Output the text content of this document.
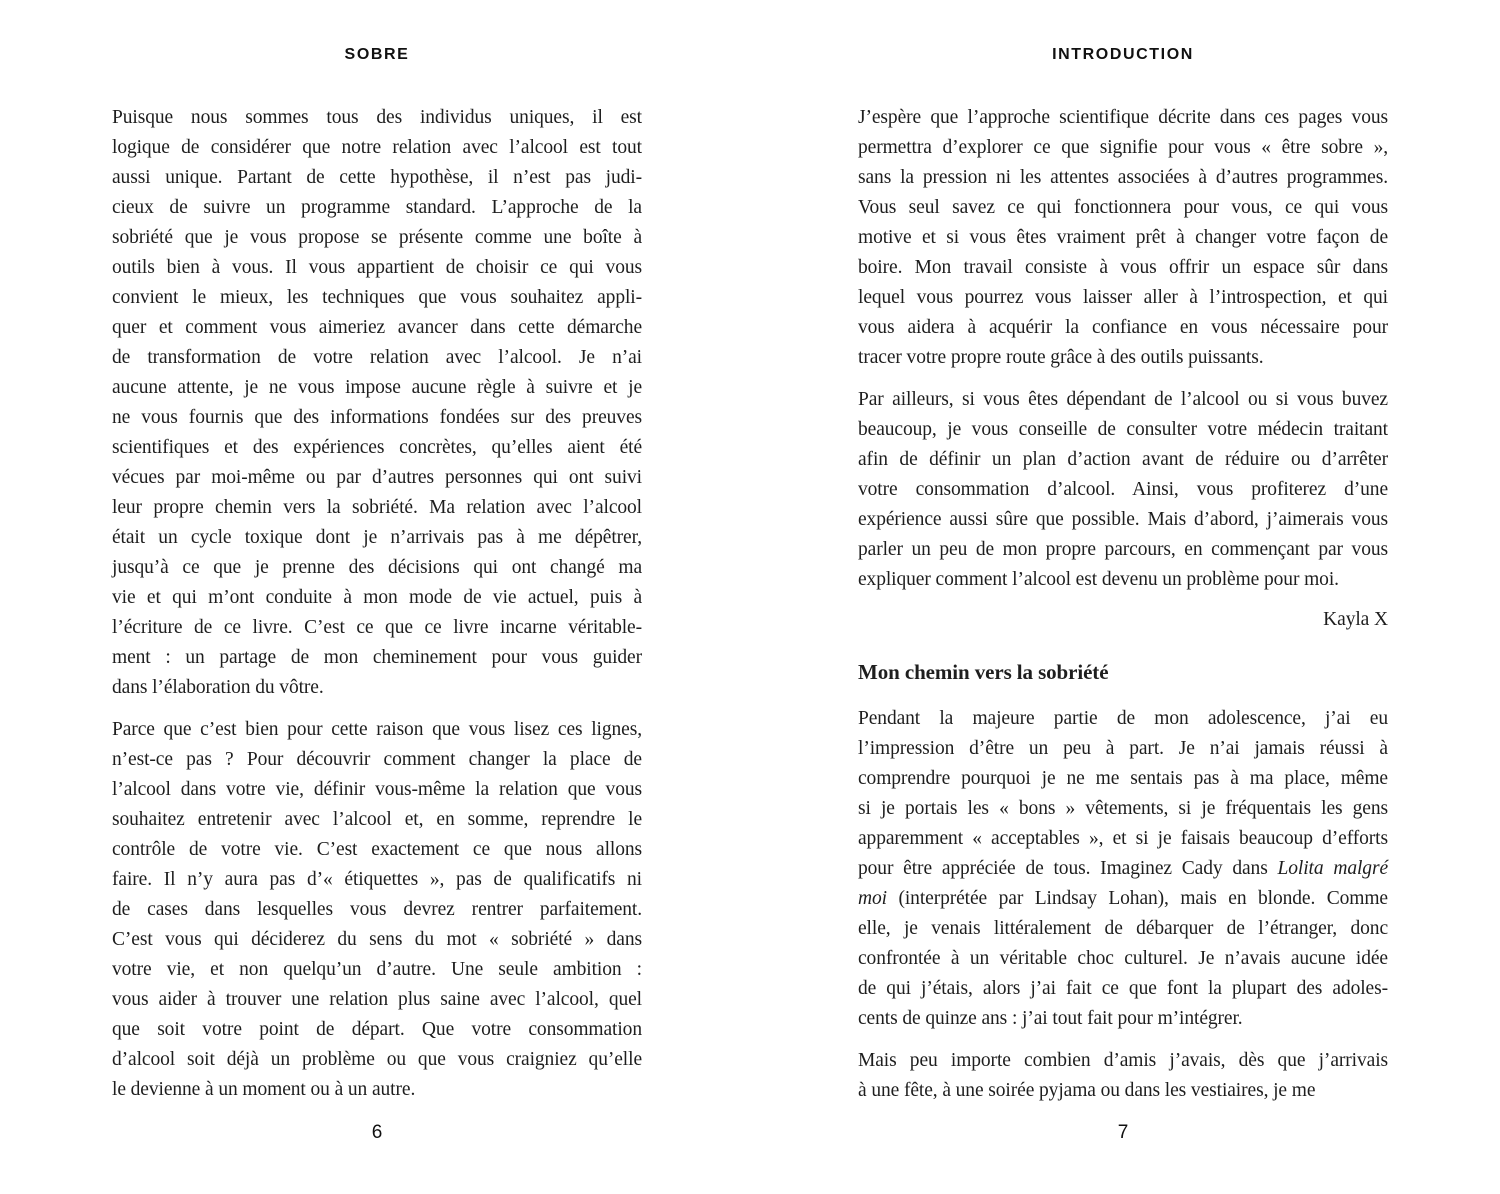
SOBRE
Puisque nous sommes tous des individus uniques, il est
logique de considérer que notre relation avec l’alcool est tout
aussi unique. Partant de cette hypothèse, il n’est pas judi-
cieux de suivre un programme standard. L’approche de la
sobriété que je vous propose se présente comme une boîte à
outils bien à vous. Il vous appartient de choisir ce qui vous
convient le mieux, les techniques que vous souhaitez appli-
quer et comment vous aimeriez avancer dans cette démarche
de transformation de votre relation avec l’alcool. Je n’ai
aucune attente, je ne vous impose aucune règle à suivre et je
ne vous fournis que des informations fondées sur des preuves
scientifiques et des expériences concrètes, qu’elles aient été
vécues par moi-même ou par d’autres personnes qui ont suivi
leur propre chemin vers la sobriété. Ma relation avec l’alcool
était un cycle toxique dont je n’arrivais pas à me dépêtrer,
jusqu’à ce que je prenne des décisions qui ont changé ma
vie et qui m’ont conduite à mon mode de vie actuel, puis à
l’écriture de ce livre. C’est ce que ce livre incarne véritable-
ment : un partage de mon cheminement pour vous guider
dans l’élaboration du vôtre.
Parce que c’est bien pour cette raison que vous lisez ces lignes,
n’est-ce pas ? Pour découvrir comment changer la place de
l’alcool dans votre vie, définir vous-même la relation que vous
souhaitez entretenir avec l’alcool et, en somme, reprendre le
contrôle de votre vie. C’est exactement ce que nous allons
faire. Il n’y aura pas d’« étiquettes », pas de qualificatifs ni
de cases dans lesquelles vous devrez rentrer parfaitement.
C’est vous qui déciderez du sens du mot « sobriété » dans
votre vie, et non quelqu’un d’autre. Une seule ambition :
vous aider à trouver une relation plus saine avec l’alcool, quel
que soit votre point de départ. Que votre consommation
d’alcool soit déjà un problème ou que vous craigniez qu’elle
le devienne à un moment ou à un autre.
6
INTRODUCTION
J’espère que l’approche scientifique décrite dans ces pages vous
permettra d’explorer ce que signifie pour vous « être sobre »,
sans la pression ni les attentes associées à d’autres programmes.
Vous seul savez ce qui fonctionnera pour vous, ce qui vous
motive et si vous êtes vraiment prêt à changer votre façon de
boire. Mon travail consiste à vous offrir un espace sûr dans
lequel vous pourrez vous laisser aller à l’introspection, et qui
vous aidera à acquérir la confiance en vous nécessaire pour
tracer votre propre route grâce à des outils puissants.
Par ailleurs, si vous êtes dépendant de l’alcool ou si vous buvez
beaucoup, je vous conseille de consulter votre médecin traitant
afin de définir un plan d’action avant de réduire ou d’arrêter
votre consommation d’alcool. Ainsi, vous profiterez d’une
expérience aussi sûre que possible. Mais d’abord, j’aimerais vous
parler un peu de mon propre parcours, en commençant par vous
expliquer comment l’alcool est devenu un problème pour moi.
Kayla X
Mon chemin vers la sobriété
Pendant la majeure partie de mon adolescence, j’ai eu
l’impression d’être un peu à part. Je n’ai jamais réussi à
comprendre pourquoi je ne me sentais pas à ma place, même
si je portais les « bons » vêtements, si je fréquentais les gens
apparemment « acceptables », et si je faisais beaucoup d’efforts
pour être appréciée de tous. Imaginez Cady dans Lolita malgré
moi (interprétée par Lindsay Lohan), mais en blonde. Comme
elle, je venais littéralement de débarquer de l’étranger, donc
confrontée à un véritable choc culturel. Je n’avais aucune idée
de qui j’étais, alors j’ai fait ce que font la plupart des adoles-
cents de quinze ans : j’ai tout fait pour m’intégrer.
Mais peu importe combien d’amis j’avais, dès que j’arrivais
à une fête, à une soirée pyjama ou dans les vestiaires, je me
7
